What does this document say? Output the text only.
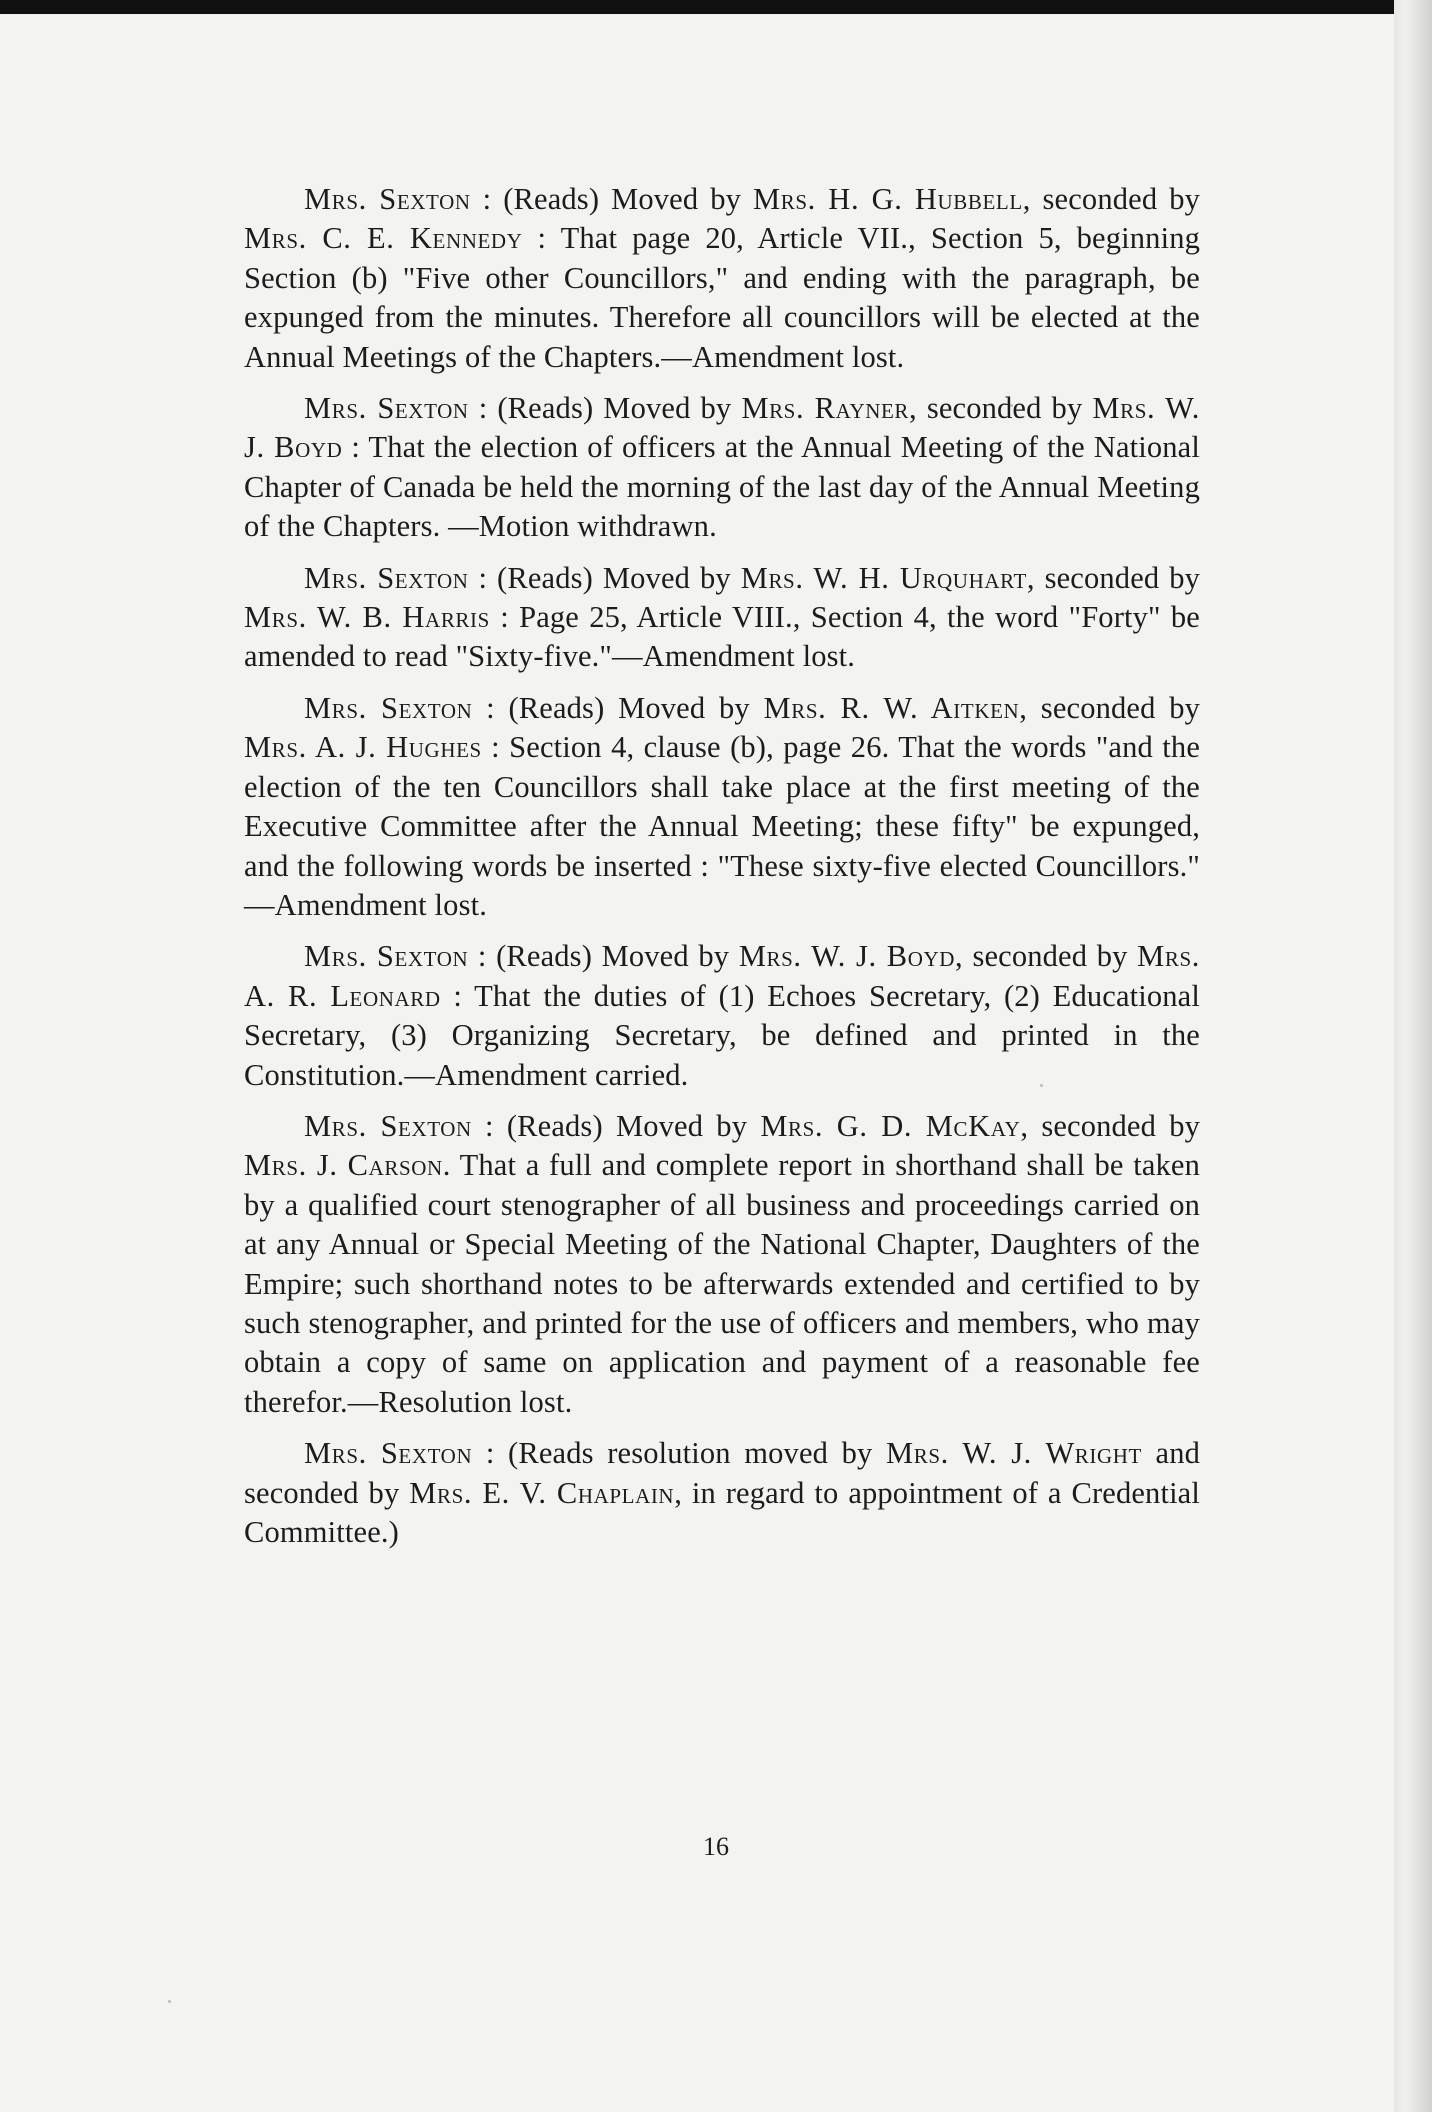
Mrs. Sexton : (Reads) Moved by Mrs. H. G. Hubbell, seconded by Mrs. C. E. Kennedy : That page 20, Article VII., Section 5, beginning Section (b) "Five other Councillors," and ending with the paragraph, be expunged from the minutes. Therefore all councillors will be elected at the Annual Meetings of the Chapters.—Amendment lost.

Mrs. Sexton : (Reads) Moved by Mrs. Rayner, seconded by Mrs. W. J. Boyd : That the election of officers at the Annual Meeting of the National Chapter of Canada be held the morning of the last day of the Annual Meeting of the Chapters. —Motion withdrawn.

Mrs. Sexton : (Reads) Moved by Mrs. W. H. Urquhart, seconded by Mrs. W. B. Harris : Page 25, Article VIII., Section 4, the word "Forty" be amended to read "Sixty-five."—Amendment lost.

Mrs. Sexton : (Reads) Moved by Mrs. R. W. Aitken, seconded by Mrs. A. J. Hughes : Section 4, clause (b), page 26. That the words "and the election of the ten Councillors shall take place at the first meeting of the Executive Committee after the Annual Meeting; these fifty" be expunged, and the following words be inserted : "These sixty-five elected Councillors." —Amendment lost.

Mrs. Sexton : (Reads) Moved by Mrs. W. J. Boyd, seconded by Mrs. A. R. Leonard : That the duties of (1) Echoes Secretary, (2) Educational Secretary, (3) Organizing Secretary, be defined and printed in the Constitution.—Amendment carried.

Mrs. Sexton : (Reads) Moved by Mrs. G. D. McKay, seconded by Mrs. J. Carson. That a full and complete report in shorthand shall be taken by a qualified court stenographer of all business and proceedings carried on at any Annual or Special Meeting of the National Chapter, Daughters of the Empire; such shorthand notes to be afterwards extended and certified to by such stenographer, and printed for the use of officers and members, who may obtain a copy of same on application and payment of a reasonable fee therefor.—Resolution lost.

Mrs. Sexton : (Reads resolution moved by Mrs. W. J. Wright and seconded by Mrs. E. V. Chaplain, in regard to appointment of a Credential Committee.)

16
